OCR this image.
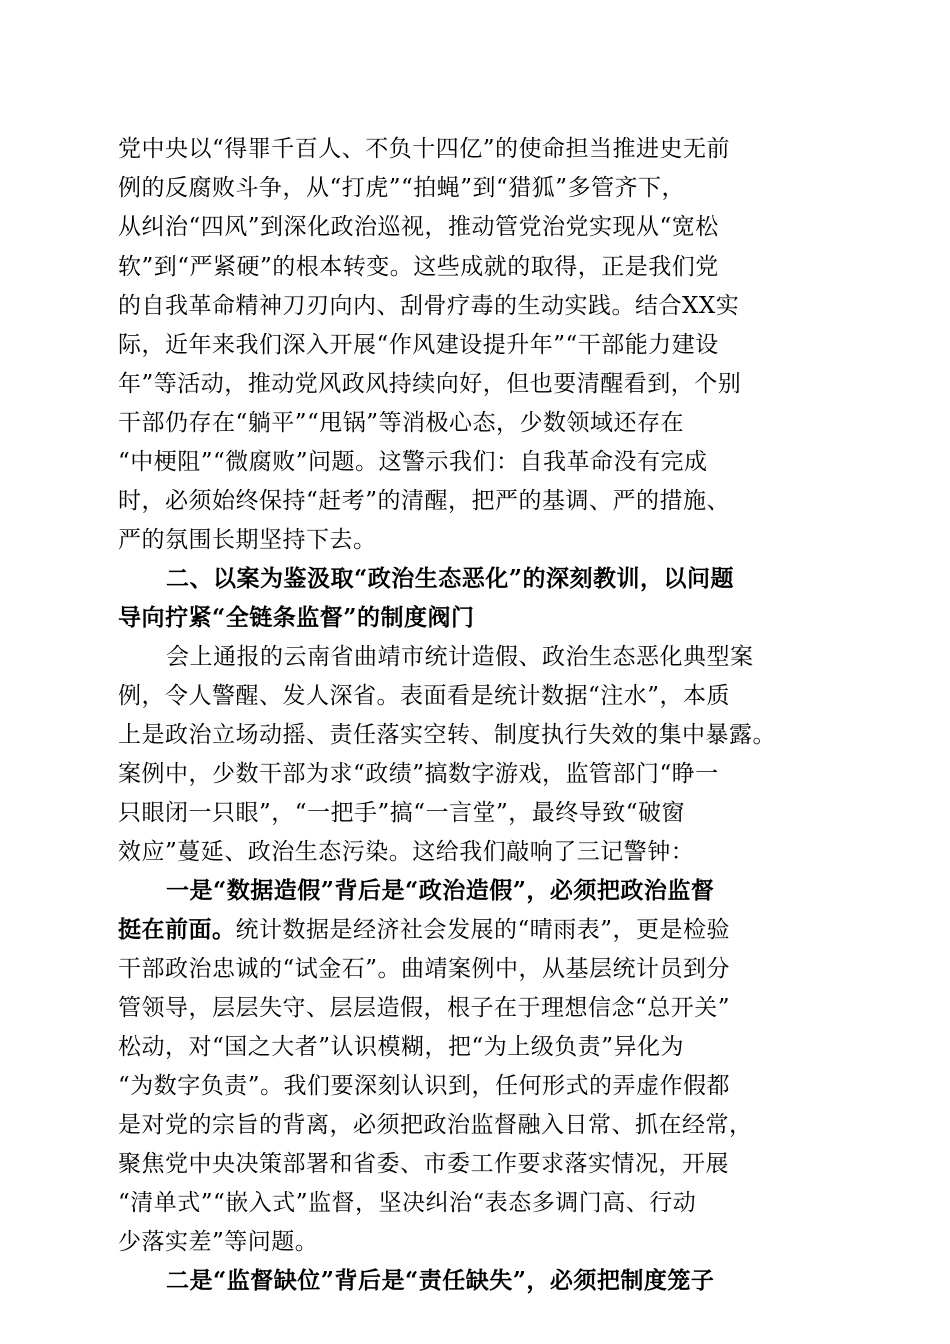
党中央以“得罪千百人、不负十四亿”的使命担当推进史无前
例的反腐败斗争，从“打虎”“拍蝇”到“猎狐”多管齐下，
从纠治“四风”到深化政治巡视，推动管党治党实现从“宽松
软”到“严紧硬”的根本转变。这些成就的取得，正是我们党
的自我革命精神刀刃向内、刮骨疗毒的生动实践。结合XX实
际，近年来我们深入开展“作风建设提升年”“干部能力建设
年”等活动，推动党风政风持续向好，但也要清醒看到，个别
干部仍存在“躺平”“甩锅”等消极心态，少数领域还存在
“中梗阻”“微腐败”问题。这警示我们：自我革命没有完成
时，必须始终保持“赶考”的清醒，把严的基调、严的措施、
严的氛围长期坚持下去。
二、以案为鉴汲取“政治生态恶化”的深刻教训，以问题
导向拧紧“全链条监督”的制度阀门
会上通报的云南省曲靖市统计造假、政治生态恶化典型案
例，令人警醒、发人深省。表面看是统计数据“注水”，本质
上是政治立场动摇、责任落实空转、制度执行失效的集中暴露。
案例中，少数干部为求“政绩”搞数字游戏，监管部门“睁一
只眼闭一只眼”，“一把手”搞“一言堂”，最终导致“破窗
效应”蔓延、政治生态污染。这给我们敲响了三记警钟：
一是“数据造假”背后是“政治造假”，必须把政治监督
挺在前面。统计数据是经济社会发展的“晴雨表”，更是检验
干部政治忠诚的“试金石”。曲靖案例中，从基层统计员到分
管领导，层层失守、层层造假，根子在于理想信念“总开关”
松动，对“国之大者”认识模糊，把“为上级负责”异化为
“为数字负责”。我们要深刻认识到，任何形式的弄虚作假都
是对党的宗旨的背离，必须把政治监督融入日常、抓在经常，
聚焦党中央决策部署和省委、市委工作要求落实情况，开展
“清单式”“嵌入式”监督，坚决纠治“表态多调门高、行动
少落实差”等问题。
二是“监督缺位”背后是“责任缺失”，必须把制度笼子
